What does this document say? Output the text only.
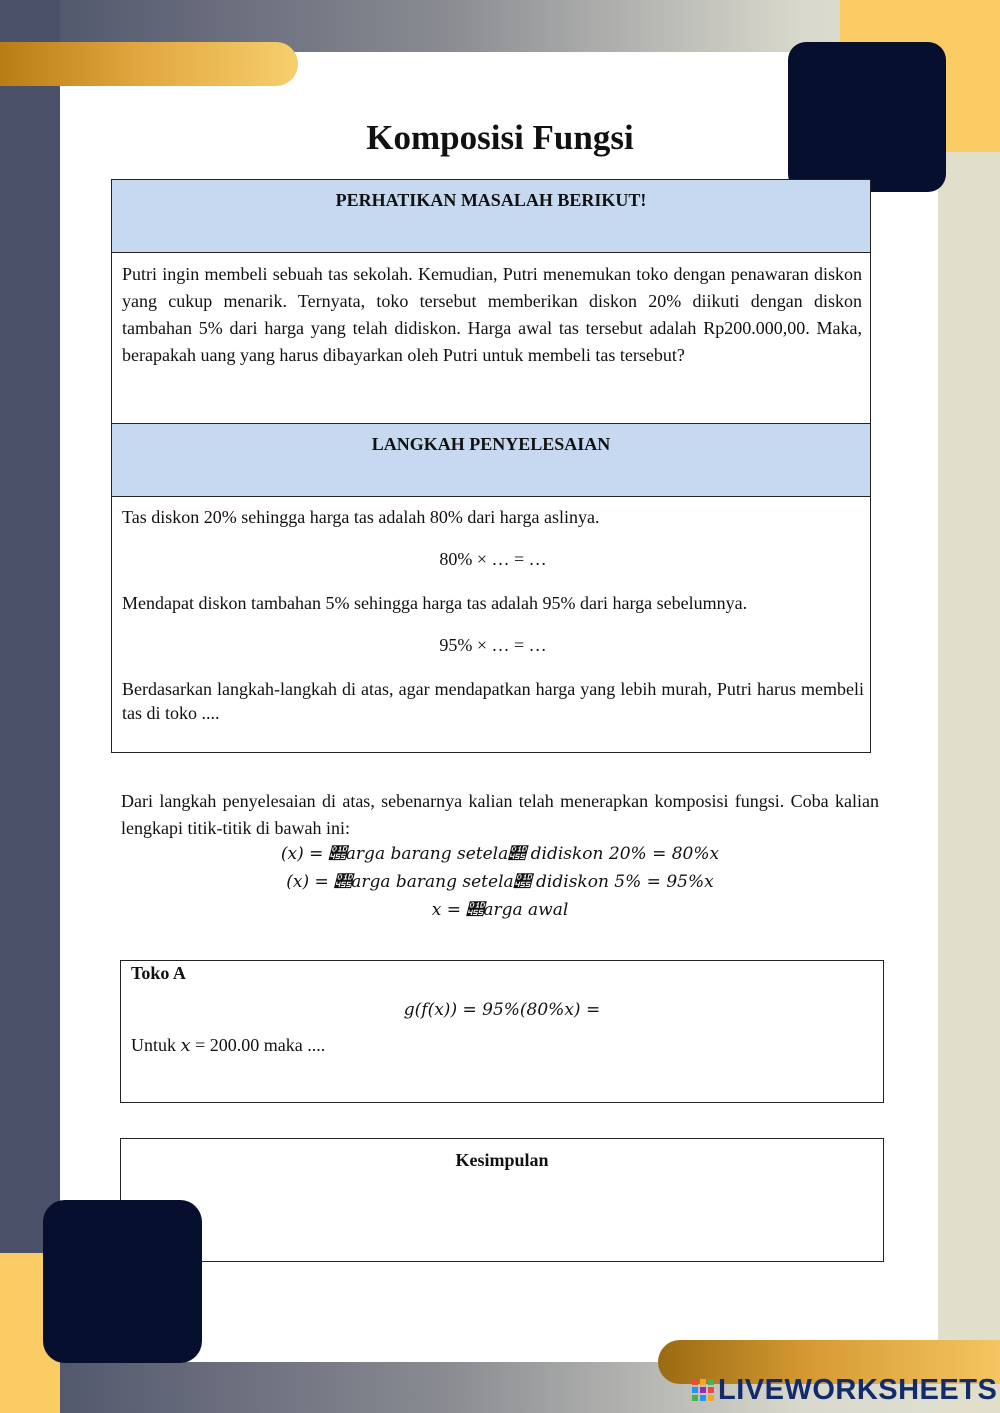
Komposisi Fungsi
PERHATIKAN MASALAH BERIKUT!

Putri ingin membeli sebuah tas sekolah. Kemudian, Putri menemukan toko dengan penawaran diskon yang cukup menarik. Ternyata, toko tersebut memberikan diskon 20% diikuti dengan diskon tambahan 5% dari harga yang telah didiskon. Harga awal tas tersebut adalah Rp200.000,00. Maka, berapakah uang yang harus dibayarkan oleh Putri untuk membeli tas tersebut?

LANGKAH PENYELESAIAN

Tas diskon 20% sehingga harga tas adalah 80% dari harga aslinya.

80% × … = …

Mendapat diskon tambahan 5% sehingga harga tas adalah 95% dari harga sebelumnya.

95% × … = …

Berdasarkan langkah-langkah di atas, agar mendapatkan harga yang lebih murah, Putri harus membeli tas di toko ....

Dari langkah penyelesaian di atas, sebenarnya kalian telah menerapkan komposisi fungsi. Coba kalian lengkapi titik-titik di bawah ini:
(𝑥) = 𝑕𝑎𝑟𝑔𝑎 𝑏𝑎𝑟𝑎𝑛𝑔 𝑠𝑒𝑡𝑒𝑙𝑎𝑕 𝑑𝑖𝑑𝑖𝑠𝑘𝑜𝑛 20% = 80%𝑥
(𝑥) = 𝑕𝑎𝑟𝑔𝑎 𝑏𝑎𝑟𝑎𝑛𝑔 𝑠𝑒𝑡𝑒𝑙𝑎𝑕 𝑑𝑖𝑑𝑖𝑠𝑘𝑜𝑛 5% = 95%𝑥
𝑥 = 𝑕𝑎𝑟𝑔𝑎 𝑎𝑤𝑎𝑙
Toko A
𝑔(𝑓(𝑥)) = 95%(80%𝑥) =
Untuk 𝑥 = 200.00 maka ....
Kesimpulan
LIVEWORKSHEETS
